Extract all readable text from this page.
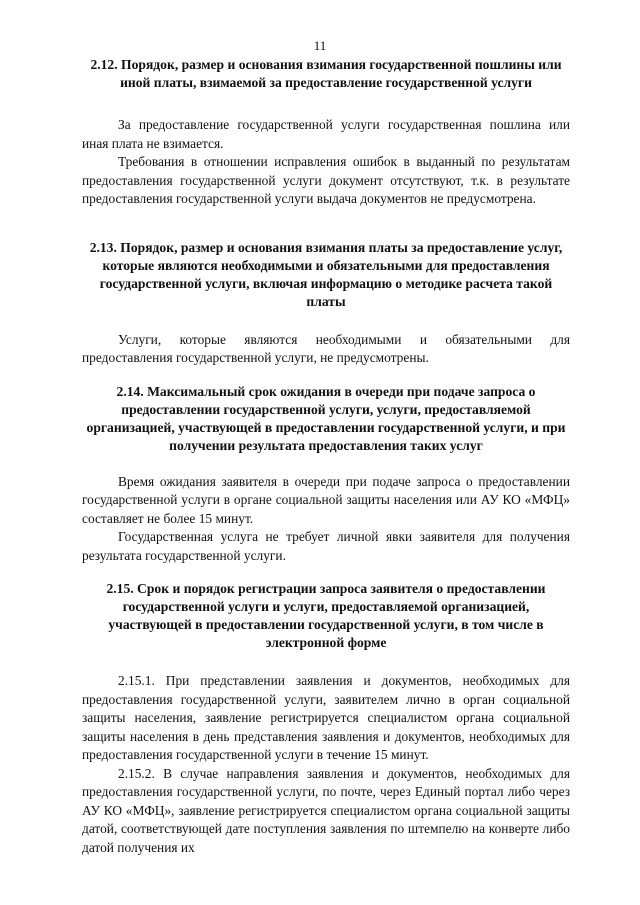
11

2.12. Порядок, размер и основания взимания государственной пошлины или иной платы, взимаемой за предоставление государственной услуги

За предоставление государственной услуги государственная пошлина или иная плата не взимается.

Требования в отношении исправления ошибок в выданный по результатам предоставления государственной услуги документ отсутствуют, т.к. в результате предоставления государственной услуги выдача документов не предусмотрена.

2.13. Порядок, размер и основания взимания платы за предоставление услуг, которые являются необходимыми и обязательными для предоставления государственной услуги, включая информацию о методике расчета такой платы

Услуги, которые являются необходимыми и обязательными для предоставления государственной услуги, не предусмотрены.

2.14. Максимальный срок ожидания в очереди при подаче запроса о предоставлении государственной услуги, услуги, предоставляемой организацией, участвующей в предоставлении государственной услуги, и при получении результата предоставления таких услуг

Время ожидания заявителя в очереди при подаче запроса о предоставлении государственной услуги в органе социальной защиты населения или АУ КО «МФЦ» составляет не более 15 минут.

Государственная услуга не требует личной явки заявителя для получения результата государственной услуги.

2.15. Срок и порядок регистрации запроса заявителя о предоставлении государственной услуги и услуги, предоставляемой организацией, участвующей в предоставлении государственной услуги, в том числе в электронной форме

2.15.1. При представлении заявления и документов, необходимых для предоставления государственной услуги, заявителем лично в орган социальной защиты населения, заявление регистрируется специалистом органа социальной защиты населения в день представления заявления и документов, необходимых для предоставления государственной услуги в течение 15 минут.

2.15.2. В случае направления заявления и документов, необходимых для предоставления государственной услуги, по почте, через Единый портал либо через АУ КО «МФЦ», заявление регистрируется специалистом органа социальной защиты датой, соответствующей дате поступления заявления по штемпелю на конверте либо датой получения их
